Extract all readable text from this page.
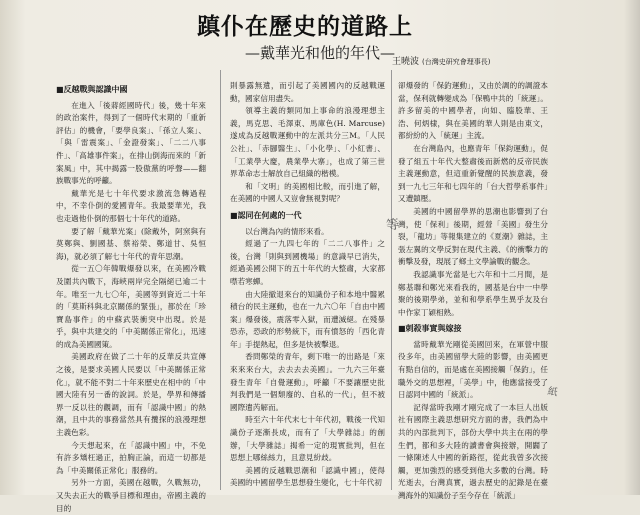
蹎仆在歷史的道路上
—戴華光和他的年代—
王曉波 (台灣史研究會理事長)
■反越戰與認識中國

在進入「後蔣經國時代」後，幾十年來的政治案件，得到了一個時代末期的「重新評估」的機會，「要學良案」、「孫立人案」、「與「雷震案」、「金證發案」、「二二八事件」、「高雄事件案」，在排山倒海而來的「新案風」中，其中揭露一股傲黨的呼聲——翻族戰事光的呼籲。

戴華光是七十年代要求激流急轉過程中，不幸仆倒的愛國青年。我最要華光，我也走過他仆倒的那個七十年代的道路。

要了解「戴華光案」(除戴外，阿窯與有莫鄭與、劉國基、蔡裕榮、鄭道甘、吳恒海)，就必須了解七十年代的青年思潮。

從一五〇年韓戰爆發以來，在美國冷戰及圍共內戰下，海峽兩岸完全隔絕已逾二十年。唯至一九七〇年，美國等到資近二十年的「莫斯科與北京關係的緊張」，都於在「珍寶島事件」的中蘇武裝衝突中出現。於是乎，與中共建交的「中美關係正常化」，迅速的成為美國國策。

美國政府在做了二十年的反華反共宣傳之後，是要求美國人民要以「中美關係正常化」，就不能不對二十年來歷史在相中的「中國大陸有另一番的說詞。於是，學界和傳播界一反以往的觀調，而有「認識中國」的熱潮，且中共的事務當然具有攬探的浪漫理想主義色彩。

今天想起來，在「認識中國」中，不免有許多矯枉過正，拍胸正論，而這一切都是為「中美關係正常化」服務的。

另外一方面，美國在越戰，久戰無功，又失去正大的戰爭目標和理由，帝國主義的目的

則暴露無遺，而引起了美國國內的反越戰運動，國家信用盡失。

領導主義的類同加上事命的浪漫理想主義，馬克思、毛澤東、馬庫色(H. Marcuse)遂成為反越戰運動中的左派共分三M。「人民公社」、「赤腳醫生」、「小化學」、「小紅書」、「工業學大慶，農業學大寨」，也成了第三世界革命志士解放自己組織的楷模。

和「文明」的美國相比較，而引進了解，在美國的中國人又豈會無視對呢？

■認同在何處的一代

以台灣為內的情形來看。

經過了一九四七年的「二二八事件」之後，台灣「則與到國機場」的意識早已消失，經過美國公開下的五十年代的大整肅，大家都噤若寒蟬。

由大陸撤退來台的知識份子和本地中醫累積台的民主運動，也在一九六〇年「自由中國案」爆發後，震落零入獄，而遭滅絕。在殘暴恐赤，恐政的形勢統下，而有憤怒的「西化青年」手提熱起，但多是快被擊退。

香問鄭榮的青年，剩下唯一的出路是「來來來來台大，去去去去美國」。一九六三年臺發生青年「自覺運動」，呼籲「不要讓歷史批判我們是一個頹廢的、自私的一代」，但不被國際遺芮解而。

時至六十年代末七十年代初，戰後一代知識份子逐漸長成，而有了「大學雜誌」的創辦，「大學雜誌」揭希一定的現實批判，但在思想上哪絲絲力，且意見紛歧。

美國的反越戰思潮和「認識中國」，使得美國的中國留學生思想發生變化，七十年代初

卻爆發的「保釣運動」，又由於調的的調證本當，保利就轉變成為「保鴨中共的「統運」。許多留美的中國學者，向如、臨股華、王浩、何炳棣，與在美國的華人則是由東文，都紛紛的入「統運」主流。

在台灣島內，也應青年「保鈞運動」，促發了組五十年代大整肅後而新燃的反帝民族主義運動意，但這重新覺醒的民族意義，發到一九七三年和七四年的「台大哲學系事件」又遭鎮壓。

美國的中國留學界的思潮也影響到了台灣，使「保利」後期，經營「美國」發生分裂，「龍坊」等報集建立的《夏潮》雜誌，主張左翼的文學反對在現代主義、《的衝擊力的衝擊及發，現展了鄉土文學論戰的觀念。

我認識事光當是七六年和十二月間，是鄭基聯和鄭光來看我的，國基是台中一中學聚的後期學弟，並和和學系學生異乎友及台中作家丁穎相熟。

■刺殺事實與嫁接

當時戴華光剛從美國回來，在軍營中服役多年，由美國留學大陸的影響，由美國更有點自信的，而是處在美國接觸「保釣」，任職外交的思想裡，「美學」中，他應當接受了日認同中國的「統派」。

記得當時我剛才剛完成了一本巨人出版社有國際主義思想研究方面的書，我們為中共的內部批判下，部份大學中共主在兩的學生們，都和多大陸的讀書會與接辦，開闢了一條陳述人中國的新路徑，從此我曾多次接觸，更加強烈的感受到他大多數的台灣。時光逝去，台灣真實，過去歷史的記錄是在臺灣海外的知識份子至今存在「統派」

等
紙
